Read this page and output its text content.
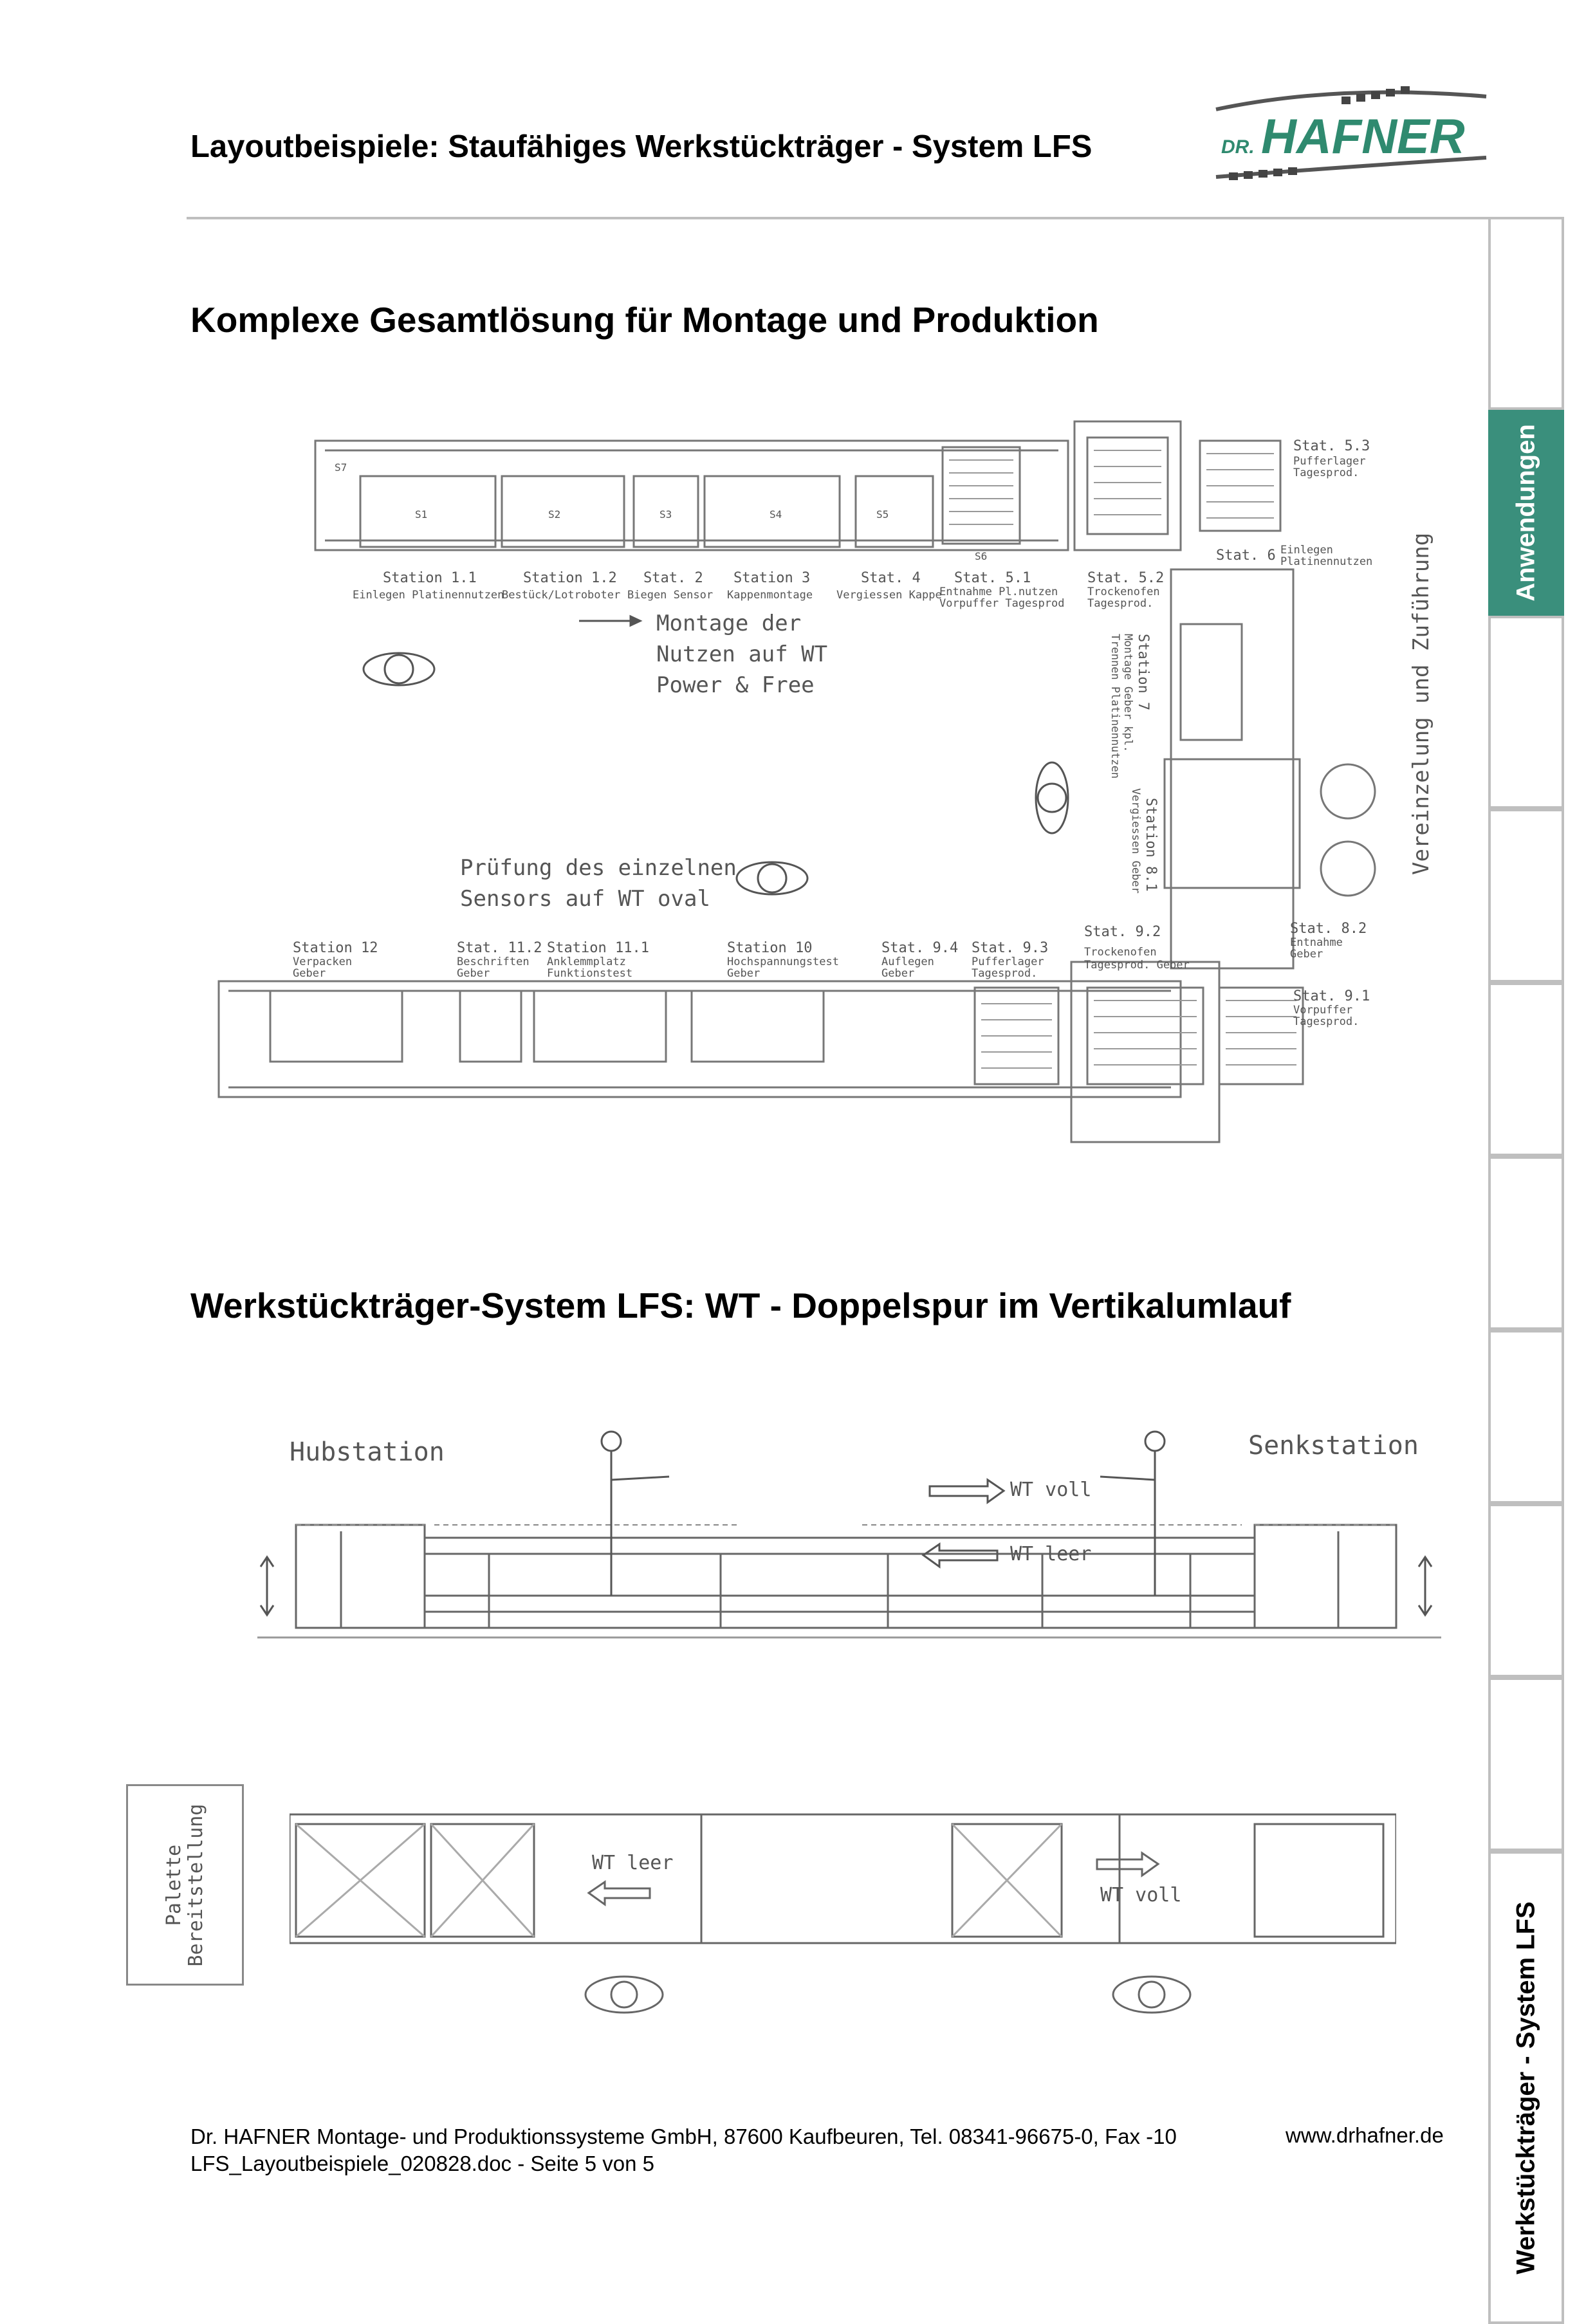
Layoutbeispiele: Staufähiges Werkstückträger - System LFS	DR. HAFNER
Anwendungen
Werkstückträger - System LFS
Komplexe Gesamtlösung für Montage und Produktion
Station 1.1
Einlegen Platinennutzen
Station 1.2
Bestück/Lotroboter
Stat. 2
Biegen Sensor
Station 3
Kappenmontage
Stat. 4
Vergiessen Kappe
Stat. 5.1
Entnahme Pl.nutzen
Vorpuffer Tagesprod
Stat. 5.2
Trockenofen
Tagesprod.
Stat. 5.3
Pufferlager
Tagesprod.
S7
S1	S2	S3	S4	S5
S6
Montage der
Nutzen auf WT
Power & Free
Stat. 6 Einlegen
Platinennutzen
Station 7
Montage Geber kpl.
Trennen Platinennutzen
Station 8.1
Vergiessen Geber
Stat. 8.2
Entnahme
Geber
Vereinzelung und Zuführung
Prüfung des einzelnen
Sensors auf WT oval
Station 12
Verpacken
Geber
Stat. 11.2
Beschriften
Geber
Station 11.1
Anklemmplatz
Funktionstest
Station 10
Hochspannungstest
Geber
Stat. 9.4
Auflegen
Geber
Stat. 9.3
Pufferlager
Tagesprod.
Stat. 9.2
Trockenofen
Tagesprod. Geber
Stat. 9.1
Vorpuffer
Tagesprod.
Werkstückträger-System LFS: WT - Doppelspur im Vertikalumlauf
Hubstation	Senkstation
WT voll
WT leer
Palette Bereitstellung	WT leer
WT voll
Dr. HAFNER Montage- und Produktionssysteme GmbH, 87600 Kaufbeuren, Tel. 08341-96675-0, Fax -10
LFS_Layoutbeispiele_020828.doc - Seite 5 von 5
www.drhafner.de
